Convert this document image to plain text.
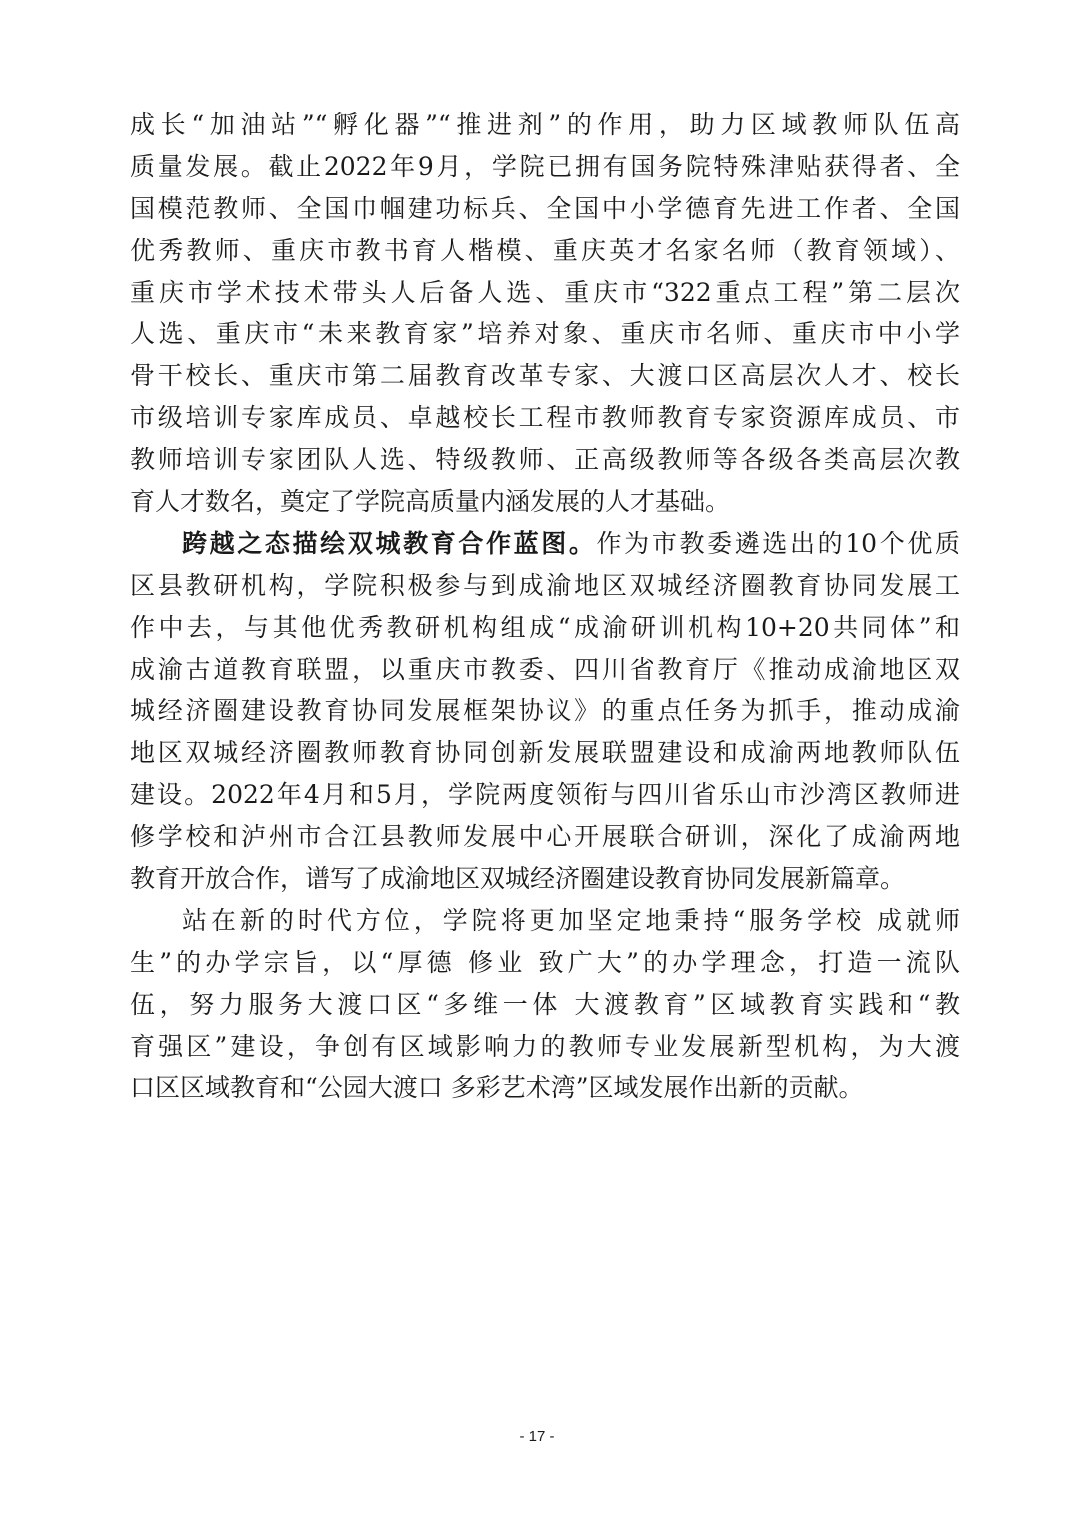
成长“加油站”“孵化器”“推进剂”的作用，助力区域教师队伍高
质量发展。截止2022年9月，学院已拥有国务院特殊津贴获得者、全
国模范教师、全国巾帼建功标兵、全国中小学德育先进工作者、全国
优秀教师、重庆市教书育人楷模、重庆英才名家名师（教育领域）、
重庆市学术技术带头人后备人选、重庆市“322重点工程”第二层次
人选、重庆市“未来教育家”培养对象、重庆市名师、重庆市中小学
骨干校长、重庆市第二届教育改革专家、大渡口区高层次人才、校长
市级培训专家库成员、卓越校长工程市教师教育专家资源库成员、市
教师培训专家团队人选、特级教师、正高级教师等各级各类高层次教
育人才数名，奠定了学院高质量内涵发展的人才基础。
跨越之态描绘双城教育合作蓝图。作为市教委遴选出的10个优质
区县教研机构，学院积极参与到成渝地区双城经济圈教育协同发展工
作中去，与其他优秀教研机构组成“成渝研训机构10+20共同体”和
成渝古道教育联盟，以重庆市教委、四川省教育厅《推动成渝地区双
城经济圈建设教育协同发展框架协议》的重点任务为抓手，推动成渝
地区双城经济圈教师教育协同创新发展联盟建设和成渝两地教师队伍
建设。2022年4月和5月，学院两度领衔与四川省乐山市沙湾区教师进
修学校和泸州市合江县教师发展中心开展联合研训，深化了成渝两地
教育开放合作，谱写了成渝地区双城经济圈建设教育协同发展新篇章。
站在新的时代方位，学院将更加坚定地秉持“服务学校 成就师
生”的办学宗旨，以“厚德 修业 致广大”的办学理念，打造一流队
伍，努力服务大渡口区“多维一体 大渡教育”区域教育实践和“教
育强区”建设，争创有区域影响力的教师专业发展新型机构，为大渡
口区区域教育和“公园大渡口 多彩艺术湾”区域发展作出新的贡献。
- 17 -
